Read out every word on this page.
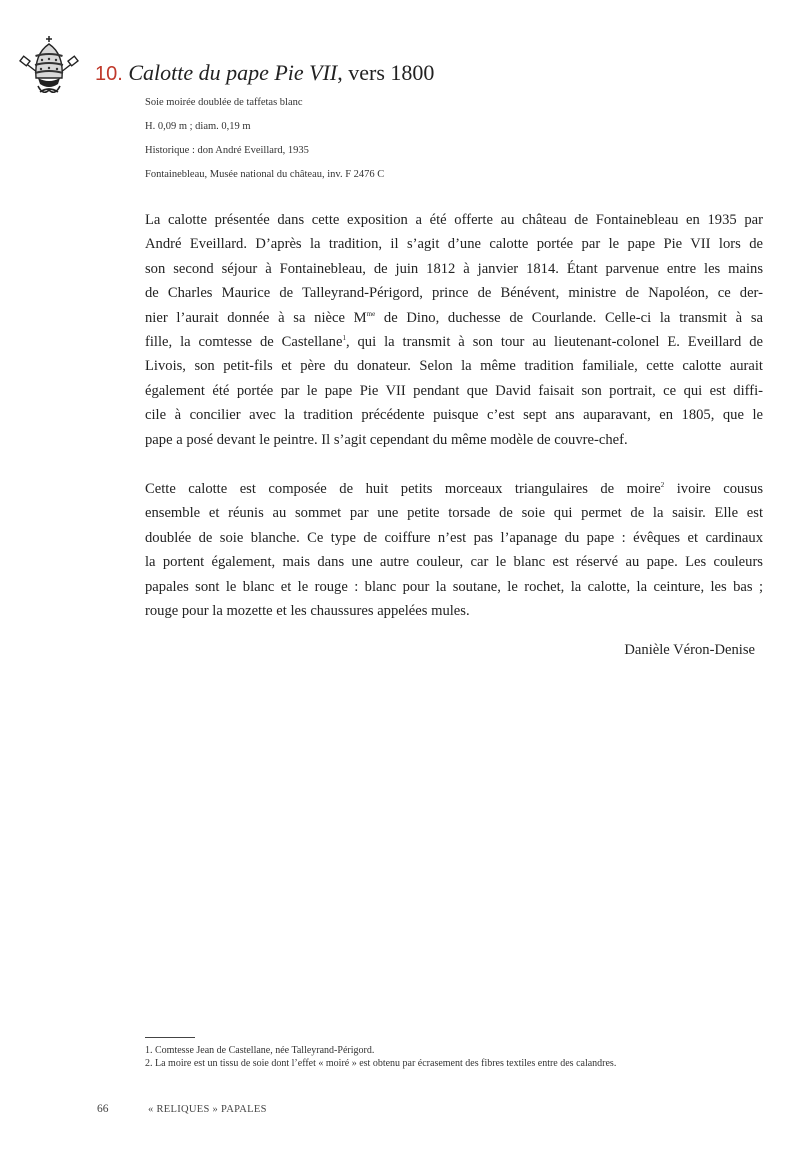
10. Calotte du pape Pie VII, vers 1800
Soie moirée doublée de taffetas blanc
H. 0,09 m ; diam. 0,19 m
Historique : don André Eveillard, 1935
Fontainebleau, Musée national du château, inv. F 2476 C
La calotte présentée dans cette exposition a été offerte au château de Fontainebleau en 1935 par
André Eveillard. D’après la tradition, il s’agit d’une calotte portée par le pape Pie VII lors de
son second séjour à Fontainebleau, de juin 1812 à janvier 1814. Étant parvenue entre les mains
de Charles Maurice de Talleyrand-Périgord, prince de Bénévent, ministre de Napoléon, ce der-
nier l’aurait donnée à sa nièce $M^{me}$ de Dino, duchesse de Courlande. Celle-ci la transmit à sa
fille, la comtesse de Castellane$^1$, qui la transmit à son tour au lieutenant-colonel E. Eveillard de
Livois, son petit-fils et père du donateur. Selon la même tradition familiale, cette calotte aurait
également été portée par le pape Pie VII pendant que David faisait son portrait, ce qui est diffi-
cile à concilier avec la tradition précédente puisque c’est sept ans auparavant, en 1805, que le
pape a posé devant le peintre. Il s’agit cependant du même modèle de couvre-chef.
Cette calotte est composée de huit petits morceaux triangulaires de moire$^2$ ivoire cousus
ensemble et réunis au sommet par une petite torsade de soie qui permet de la saisir. Elle est
doublée de soie blanche. Ce type de coiffure n’est pas l’apanage du pape : évêques et cardinaux
la portent également, mais dans une autre couleur, car le blanc est réservé au pape. Les couleurs
papales sont le blanc et le rouge : blanc pour la soutane, le rochet, la calotte, la ceinture, les bas ;
rouge pour la mozette et les chaussures appelées mules.
Danièle Véron-Denise
1. Comtesse Jean de Castellane, née Talleyrand-Périgord.
2. La moire est un tissu de soie dont l’effet « moiré » est obtenu par écrasement des fibres textiles entre des calandres.
66	« RELIQUES » PAPALES
